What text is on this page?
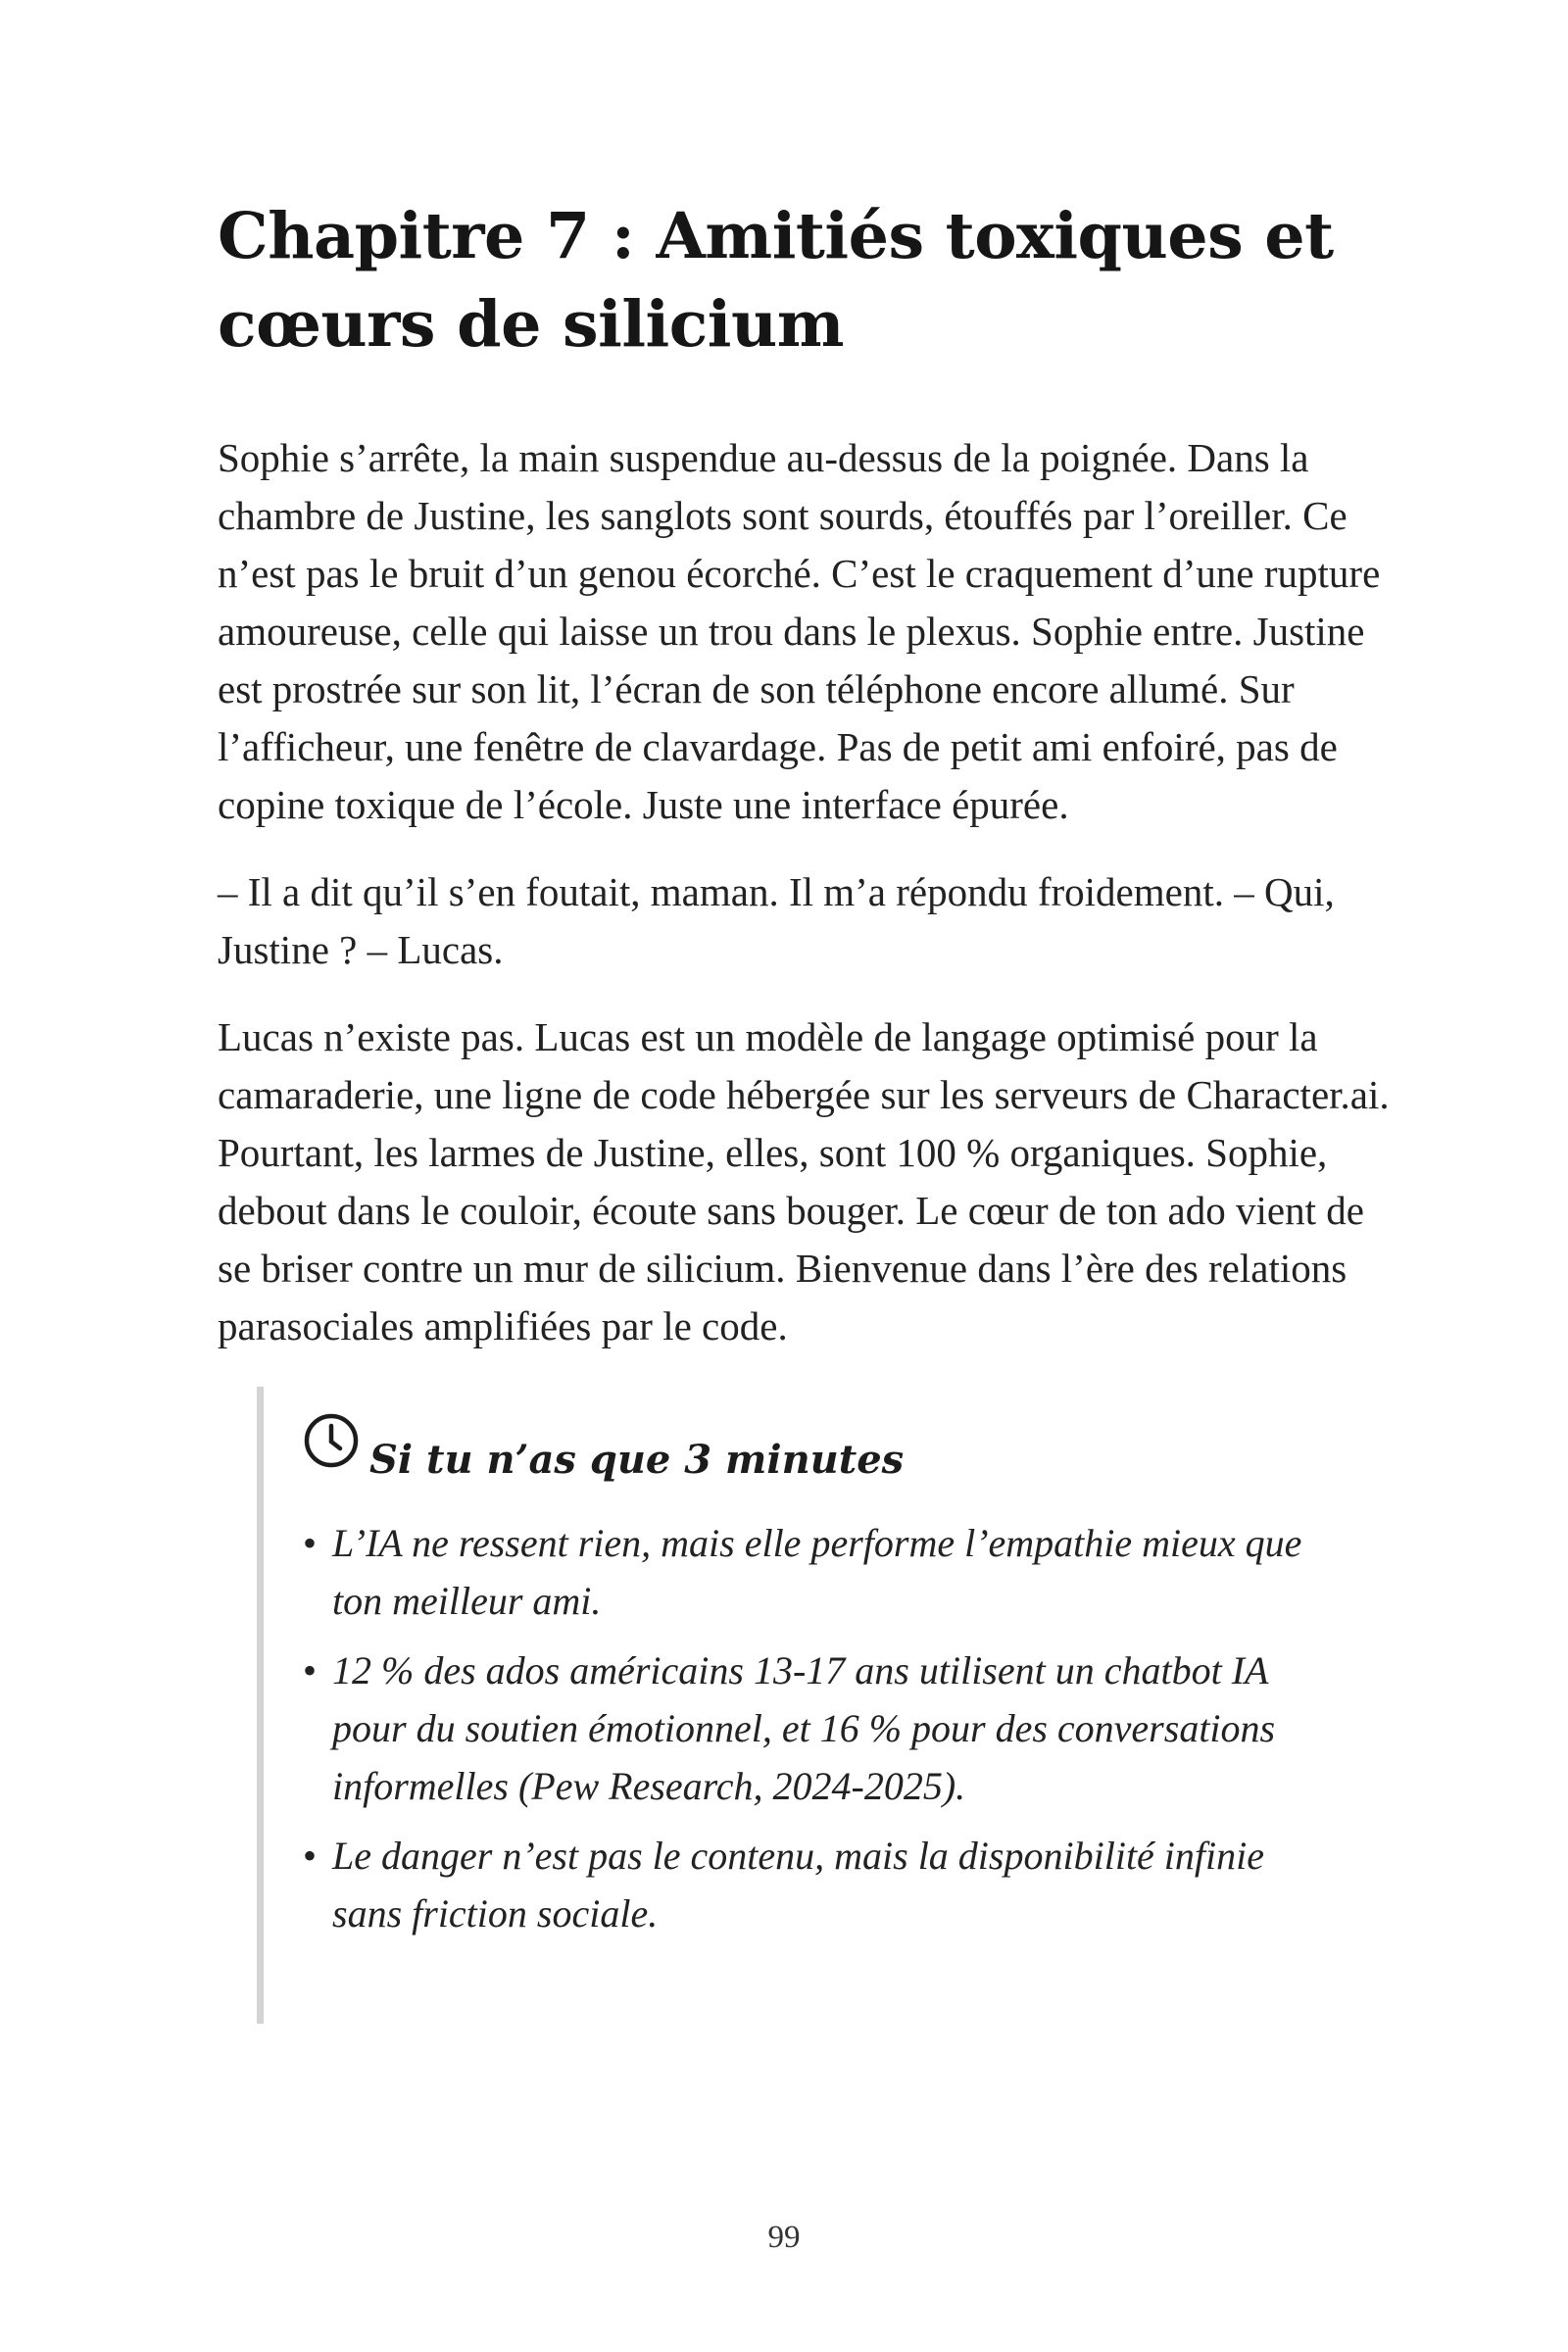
Chapitre 7 : Amitiés toxiques et
cœurs de silicium

Sophie s’arrête, la main suspendue au-dessus de la poignée. Dans la chambre de Justine, les sanglots sont sourds, étouffés par l’oreiller. Ce n’est pas le bruit d’un genou écorché. C’est le craquement d’une rupture amoureuse, celle qui laisse un trou dans le plexus. Sophie entre. Justine est prostrée sur son lit, l’écran de son téléphone encore allumé. Sur l’afficheur, une fenêtre de clavardage. Pas de petit ami enfoiré, pas de copine toxique de l’école. Juste une interface épurée.

– Il a dit qu’il s’en foutait, maman. Il m’a répondu froidement. – Qui, Justine ? – Lucas.

Lucas n’existe pas. Lucas est un modèle de langage optimisé pour la camaraderie, une ligne de code hébergée sur les serveurs de Character.ai. Pourtant, les larmes de Justine, elles, sont 100 % organiques. Sophie, debout dans le couloir, écoute sans bouger. Le cœur de ton ado vient de se briser contre un mur de silicium. Bienvenue dans l’ère des relations parasociales amplifiées par le code.

Si tu n’as que 3 minutes
• L’IA ne ressent rien, mais elle performe l’empathie mieux que ton meilleur ami.
• 12 % des ados américains 13-17 ans utilisent un chatbot IA pour du soutien émotionnel, et 16 % pour des conversations informelles (Pew Research, 2024-2025).
• Le danger n’est pas le contenu, mais la disponibilité infinie sans friction sociale.
99
